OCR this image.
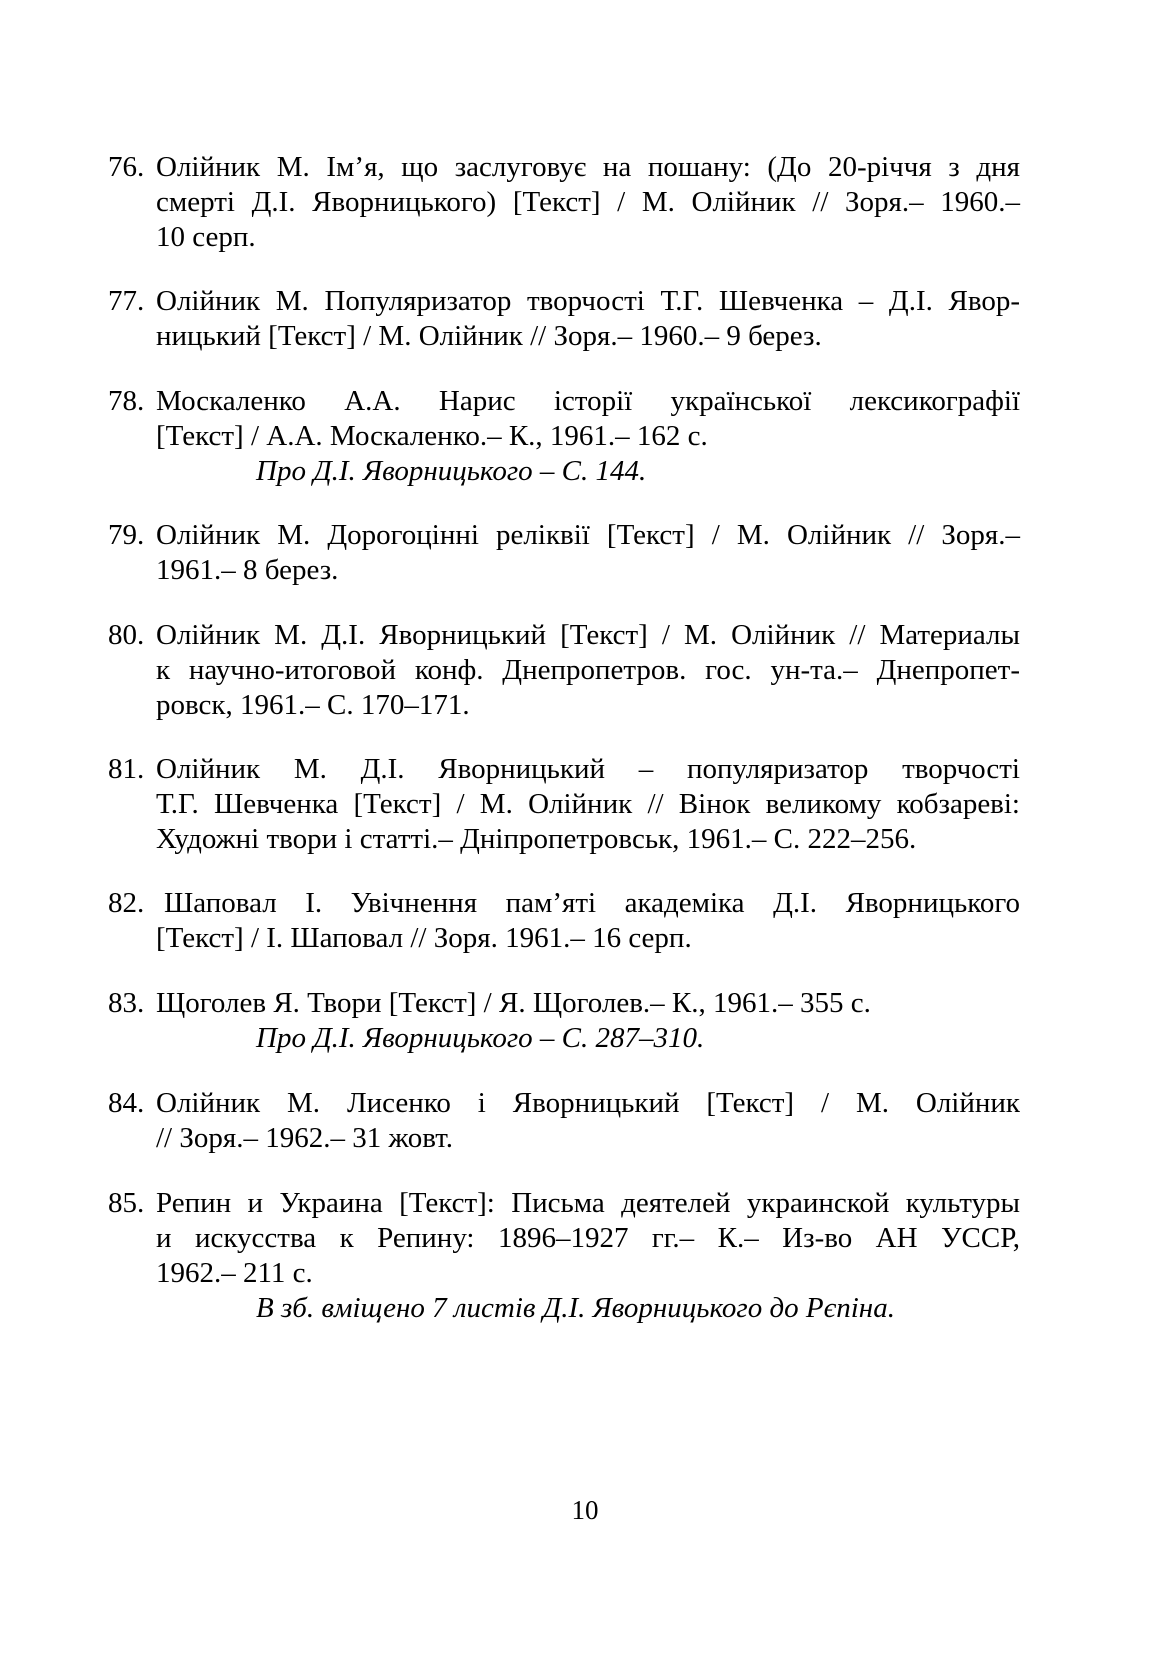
76. Олійник М. Ім’я, що заслуговує на пошану: (До 20-річчя з дня
смерті Д.І. Яворницького) [Текст] / М. Олійник // Зоря.– 1960.–
10 серп.
77. Олійник М. Популяризатор творчості Т.Г. Шевченка – Д.І. Явор-
ницький [Текст] / М. Олійник // Зоря.– 1960.– 9 берез.
78. Москаленко А.А. Нарис історії української лексикографії
[Текст] / А.А. Москаленко.– К., 1961.– 162 с.
Про Д.І. Яворницького – С. 144.
79. Олійник М. Дорогоцінні реліквії [Текст] / М. Олійник // Зоря.–
1961.– 8 берез.
80. Олійник М. Д.І. Яворницький [Текст] / М. Олійник // Материалы
к научно-итоговой конф. Днепропетров. гос. ун-та.– Днепропет-
ровск, 1961.– С. 170–171.
81. Олійник М. Д.І. Яворницький – популяризатор творчості
Т.Г. Шевченка [Текст] / М. Олійник // Вінок великому кобзареві:
Художні твори і статті.– Дніпропетровськ, 1961.– С. 222–256.
82. Шаповал І. Увічнення пам’яті академіка Д.І. Яворницького
[Текст] / І. Шаповал // Зоря. 1961.– 16 серп.
83. Щоголев Я. Твори [Текст] / Я. Щоголев.– К., 1961.– 355 с.
Про Д.І. Яворницького – С. 287–310.
84. Олійник М. Лисенко і Яворницький [Текст] / М. Олійник
// Зоря.– 1962.– 31 жовт.
85. Репин и Украина [Текст]: Письма деятелей украинской культуры
и искусства к Репину: 1896–1927 гг.– К.– Из-во АН УССР,
1962.– 211 с.
В зб. вміщено 7 листів Д.І. Яворницького до Рєпіна.
10
